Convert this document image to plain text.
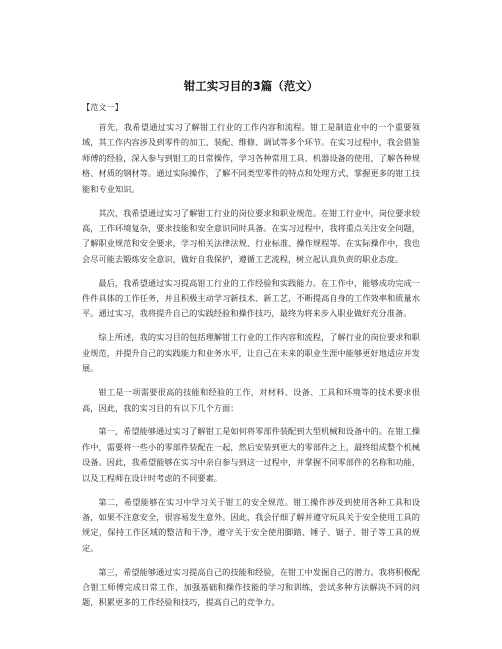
钳工实习目的3篇（范文）

【范文一】

首先，我希望通过实习了解钳工行业的工作内容和流程。钳工是制造业中的一个重要领域，其工作内容涉及到零件的加工、装配、维修、调试等多个环节。在实习过程中，我会借鉴师傅的经验，深入参与到钳工的日常操作，学习各种常用工具、机器设备的使用，了解各种规格、材质的钢材等。通过实际操作，了解不同类型零件的特点和处理方式，掌握更多的钳工技能和专业知识。

其次，我希望通过实习了解钳工行业的岗位要求和职业规范。在钳工行业中，岗位要求较高，工作环境复杂，要求技能和安全意识同时具备。在实习过程中，我将重点关注安全问题，了解职业规范和安全要求，学习相关法律法规、行业标准、操作规程等。在实际操作中，我也会尽可能去锻炼安全意识，做好自我保护，遵循工艺流程，树立起认真负责的职业态度。

最后，我希望通过实习提高钳工行业的工作经验和实践能力。在工作中，能够成功完成一件件具体的工作任务，并且积极主动学习新技术、新工艺，不断提高自身的工作效率和质量水平。通过实习，我将提升自己的实践经验和操作技巧，最终为将来步入职业做好充分准备。

综上所述，我的实习目的包括理解钳工行业的工作内容和流程，了解行业的岗位要求和职业规范，并提升自己的实践能力和业务水平，让自己在未来的职业生涯中能够更好地适应并发展。

钳工是一项需要很高的技能和经验的工作，对材料、设备、工具和环境等的技术要求很高，因此，我的实习目的有以下几个方面：

第一，希望能够通过实习了解钳工是如何将零部件装配到大型机械和设备中的。在钳工操作中，需要将一些小的零部件装配在一起，然后安装到更大的零部件之上，最终组成整个机械设备。因此，我希望能够在实习中亲自参与到这一过程中，并掌握不同零部件的名称和功能，以及工程师在设计时考虑的不同要素。

第二，希望能够在实习中学习关于钳工的安全规范。钳工操作涉及到使用各种工具和设备，如果不注意安全，很容易发生意外。因此，我会仔细了解并遵守玩具关于安全使用工具的规定，保持工作区域的整洁和干净，遵守关于安全使用脚踏、锤子、锯子、钳子等工具的规定。

第三，希望能够通过实习提高自己的技能和经验，在钳工中发掘自己的潜力。我将积极配合钳工师傅完成日常工作，加强基础和操作技能的学习和训练，尝试多种方法解决不同的问题，积累更多的工作经验和技巧，提高自己的竞争力。
